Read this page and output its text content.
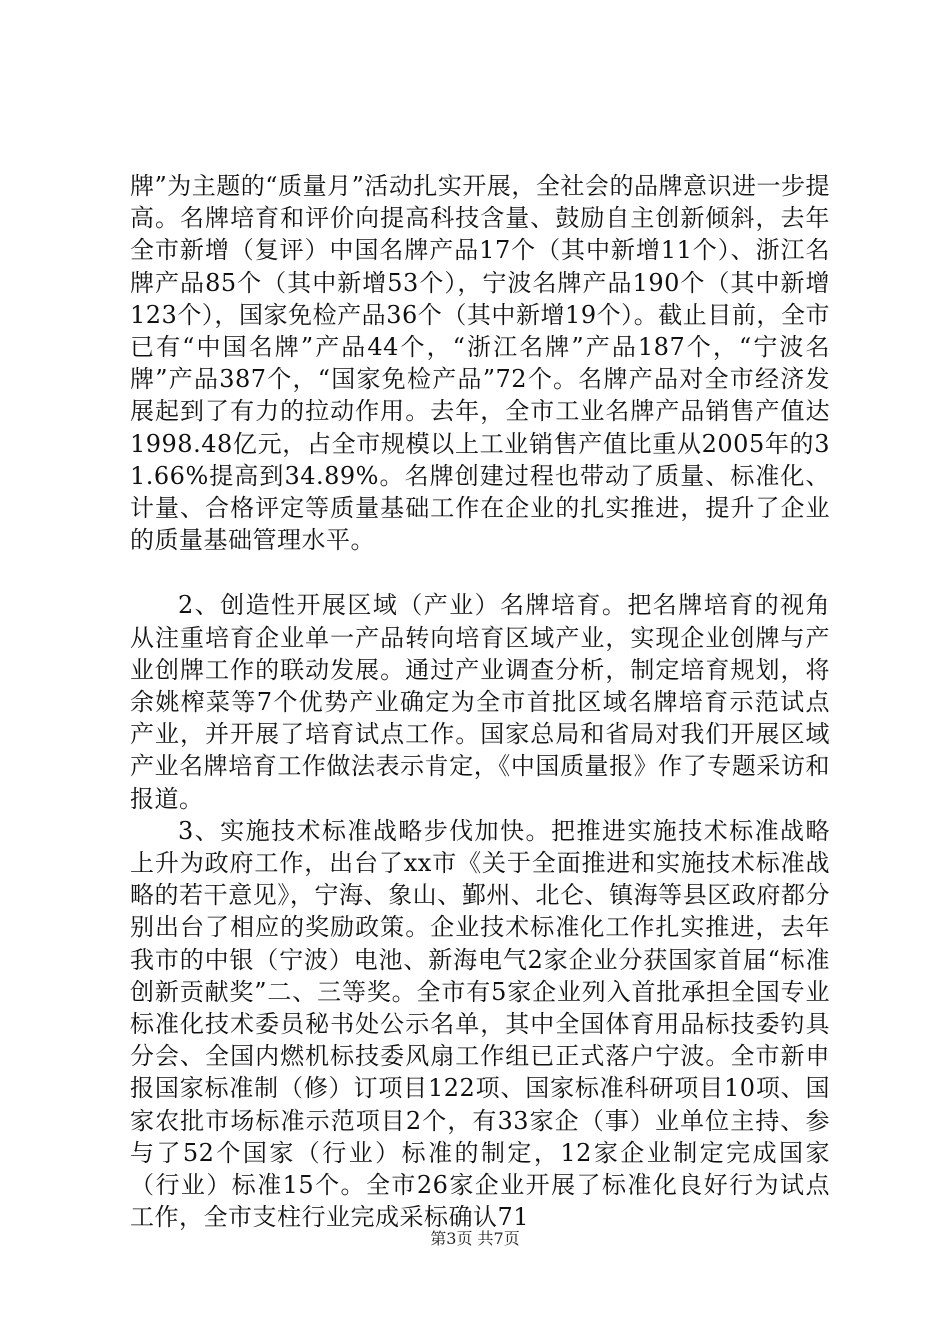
牌”为主题的“质量月”活动扎实开展，全社会的品牌意识进一步提高。名牌培育和评价向提高科技含量、鼓励自主创新倾斜，去年全市新增（复评）中国名牌产品17个（其中新增11个）、浙江名牌产品85个（其中新增53个），宁波名牌产品190个（其中新增123个），国家免检产品36个（其中新增19个）。截止目前，全市已有“中国名牌”产品44个，“浙江名牌”产品187个，“宁波名牌”产品387个，“国家免检产品”72个。名牌产品对全市经济发展起到了有力的拉动作用。去年，全市工业名牌产品销售产值达1998.48亿元，占全市规模以上工业销售产值比重从2005年的31.66%提高到34.89%。名牌创建过程也带动了质量、标准化、计量、合格评定等质量基础工作在企业的扎实推进，提升了企业的质量基础管理水平。

2、创造性开展区域（产业）名牌培育。把名牌培育的视角从注重培育企业单一产品转向培育区域产业，实现企业创牌与产业创牌工作的联动发展。通过产业调查分析，制定培育规划，将余姚榨菜等7个优势产业确定为全市首批区域名牌培育示范试点产业，并开展了培育试点工作。国家总局和省局对我们开展区域产业名牌培育工作做法表示肯定，《中国质量报》作了专题采访和报道。

3、实施技术标准战略步伐加快。把推进实施技术标准战略上升为政府工作，出台了xx市《关于全面推进和实施技术标准战略的若干意见》，宁海、象山、鄞州、北仑、镇海等县区政府都分别出台了相应的奖励政策。企业技术标准化工作扎实推进，去年我市的中银（宁波）电池、新海电气2家企业分获国家首届“标准创新贡献奖”二、三等奖。全市有5家企业列入首批承担全国专业标准化技术委员秘书处公示名单，其中全国体育用品标技委钓具分会、全国内燃机标技委风扇工作组已正式落户宁波。全市新申报国家标准制（修）订项目122项、国家标准科研项目10项、国家农批市场标准示范项目2个，有33家企（事）业单位主持、参与了52个国家（行业）标准的制定，12家企业制定完成国家（行业）标准15个。全市26家企业开展了标准化良好行为试点工作，全市支柱行业完成采标确认71

第3页 共7页
